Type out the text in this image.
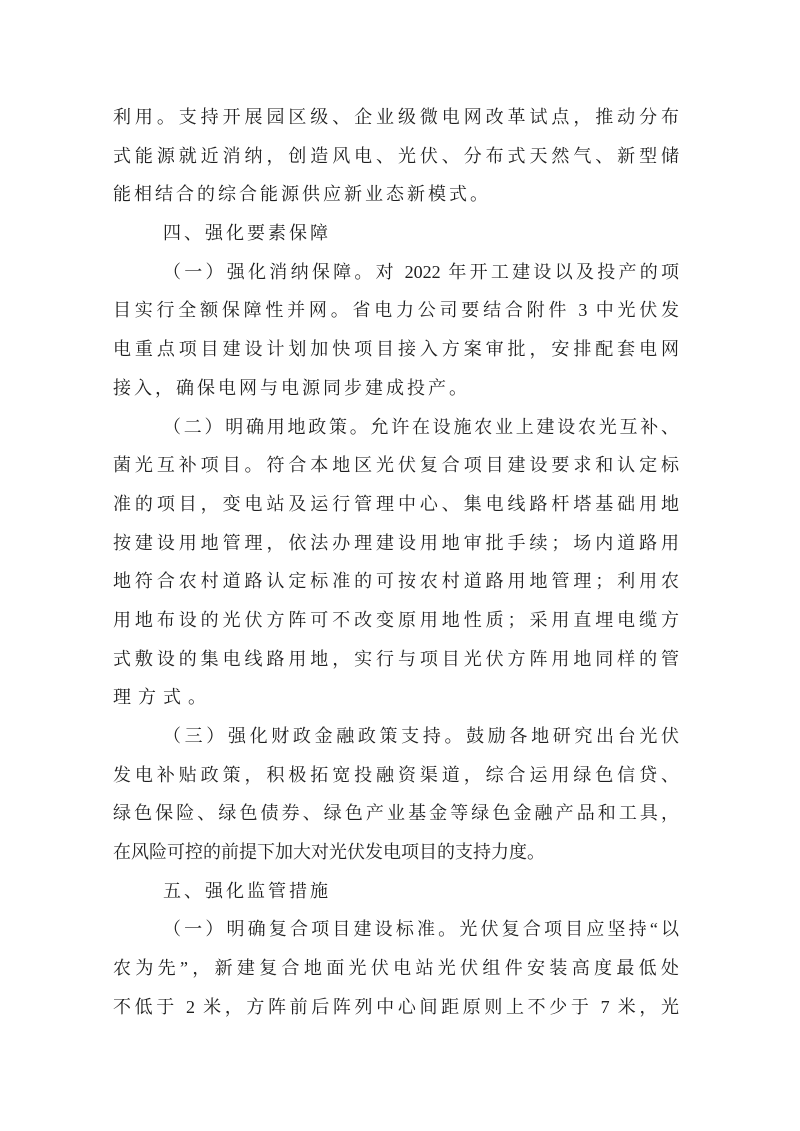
利用。支持开展园区级、企业级微电网改革试点，推动分布
式能源就近消纳，创造风电、光伏、分布式天然气、新型储
能相结合的综合能源供应新业态新模式。
四、强化要素保障
（一）强化消纳保障。对 2022 年开工建设以及投产的项
目实行全额保障性并网。省电力公司要结合附件 3 中光伏发
电重点项目建设计划加快项目接入方案审批，安排配套电网
接入，确保电网与电源同步建成投产。
（二）明确用地政策。允许在设施农业上建设农光互补、
菌光互补项目。符合本地区光伏复合项目建设要求和认定标
准的项目，变电站及运行管理中心、集电线路杆塔基础用地
按建设用地管理，依法办理建设用地审批手续；场内道路用
地符合农村道路认定标准的可按农村道路用地管理；利用农
用地布设的光伏方阵可不改变原用地性质；采用直埋电缆方
式敷设的集电线路用地，实行与项目光伏方阵用地同样的管
理方式。
（三）强化财政金融政策支持。鼓励各地研究出台光伏
发电补贴政策，积极拓宽投融资渠道，综合运用绿色信贷、
绿色保险、绿色债券、绿色产业基金等绿色金融产品和工具，
在风险可控的前提下加大对光伏发电项目的支持力度。
五、强化监管措施
（一）明确复合项目建设标准。光伏复合项目应坚持“以
农为先”，新建复合地面光伏电站光伏组件安装高度最低处
不低于 2 米，方阵前后阵列中心间距原则上不少于 7 米，光
